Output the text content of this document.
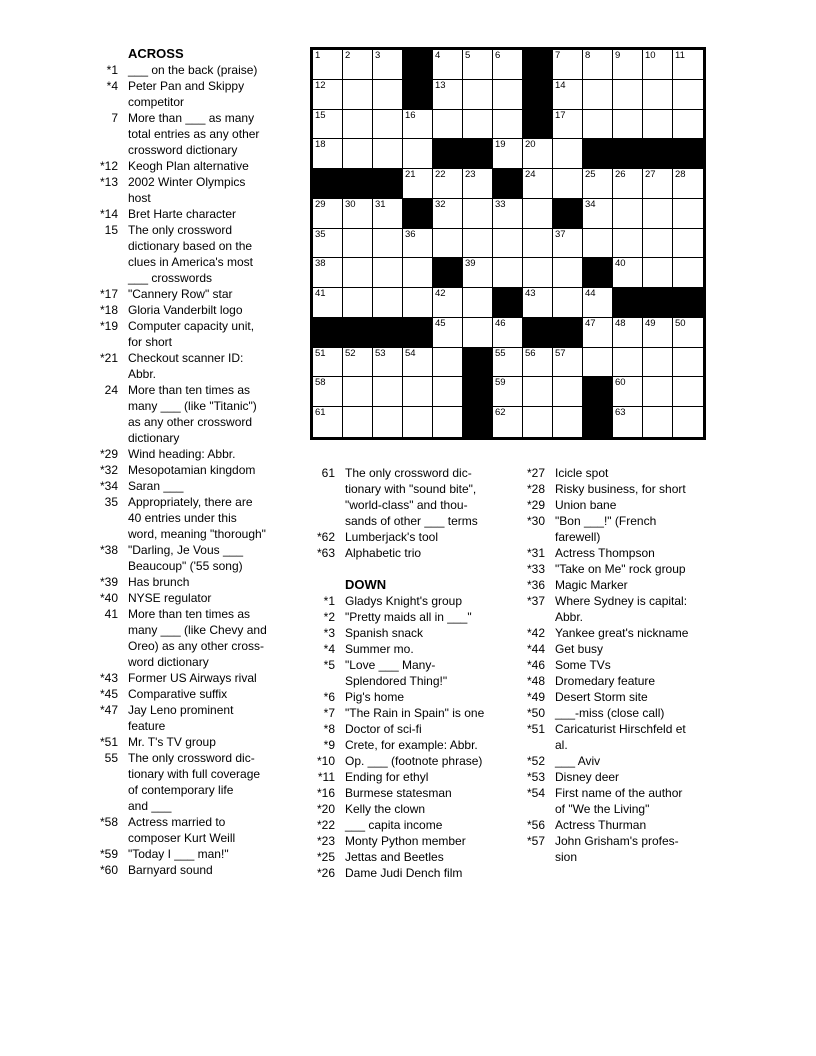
ACROSS
*1 ___ on the back (praise)
*4 Peter Pan and Skippy
competitor
7 More than ___ as many
total entries as any other
crossword dictionary
*12 Keogh Plan alternative
*13 2002 Winter Olympics
host
*14 Bret Harte character
15 The only crossword
dictionary based on the
clues in America's most
___ crosswords
*17 "Cannery Row" star
*18 Gloria Vanderbilt logo
*19 Computer capacity unit,
for short
*21 Checkout scanner ID:
Abbr.
24 More than ten times as
many ___ (like "Titanic")
as any other crossword
dictionary
*29 Wind heading: Abbr.
*32 Mesopotamian kingdom
*34 Saran ___
35 Appropriately, there are
40 entries under this
word, meaning "thorough"
*38 "Darling, Je Vous ___
Beaucoup" ('55 song)
*39 Has brunch
*40 NYSE regulator
41 More than ten times as
many ___ (like Chevy and
Oreo) as any other cross-
word dictionary
*43 Former US Airways rival
*45 Comparative suffix
*47 Jay Leno prominent
feature
*51 Mr. T's TV group
55 The only crossword dic-
tionary with full coverage
of contemporary life
and ___
*58 Actress married to
composer Kurt Weill
*59 "Today I ___ man!"
*60 Barnyard sound
1	2	3	4	5	6	7	8	9	10 11
12	13	14
15	16	17
18	19 20
21 22 23	24	25 26 27 28
29 30 31	32	33	34
35	36	37
38	39	40
41	42	43	44
45	46	47 48 49 50
51 52 53 54	55 56 57
58	59	60
61	62	63
61 The only crossword dic-
tionary with "sound bite",
"world-class" and thou-
sands of other ___ terms
*62 Lumberjack's tool
*63 Alphabetic trio
DOWN
*1 Gladys Knight's group
*2 "Pretty maids all in ___"
*3 Spanish snack
*4 Summer mo.
*5 "Love ___ Many-
Splendored Thing!"
*6 Pig's home
*7 "The Rain in Spain" is one
*8 Doctor of sci-fi
*9 Crete, for example: Abbr.
*10 Op. ___ (footnote phrase)
*11 Ending for ethyl
*16 Burmese statesman
*20 Kelly the clown
*22 ___ capita income
*23 Monty Python member
*25 Jettas and Beetles
*26 Dame Judi Dench film
*27 Icicle spot
*28 Risky business, for short
*29 Union bane
*30 "Bon ___!" (French
farewell)
*31 Actress Thompson
*33 "Take on Me" rock group
*36 Magic Marker
*37 Where Sydney is capital:
Abbr.
*42 Yankee great's nickname
*44 Get busy
*46 Some TVs
*48 Dromedary feature
*49 Desert Storm site
*50 ___-miss (close call)
*51 Caricaturist Hirschfeld et
al.
*52 ___ Aviv
*53 Disney deer
*54 First name of the author
of "We the Living"
*56 Actress Thurman
*57 John Grisham's profes-
sion
